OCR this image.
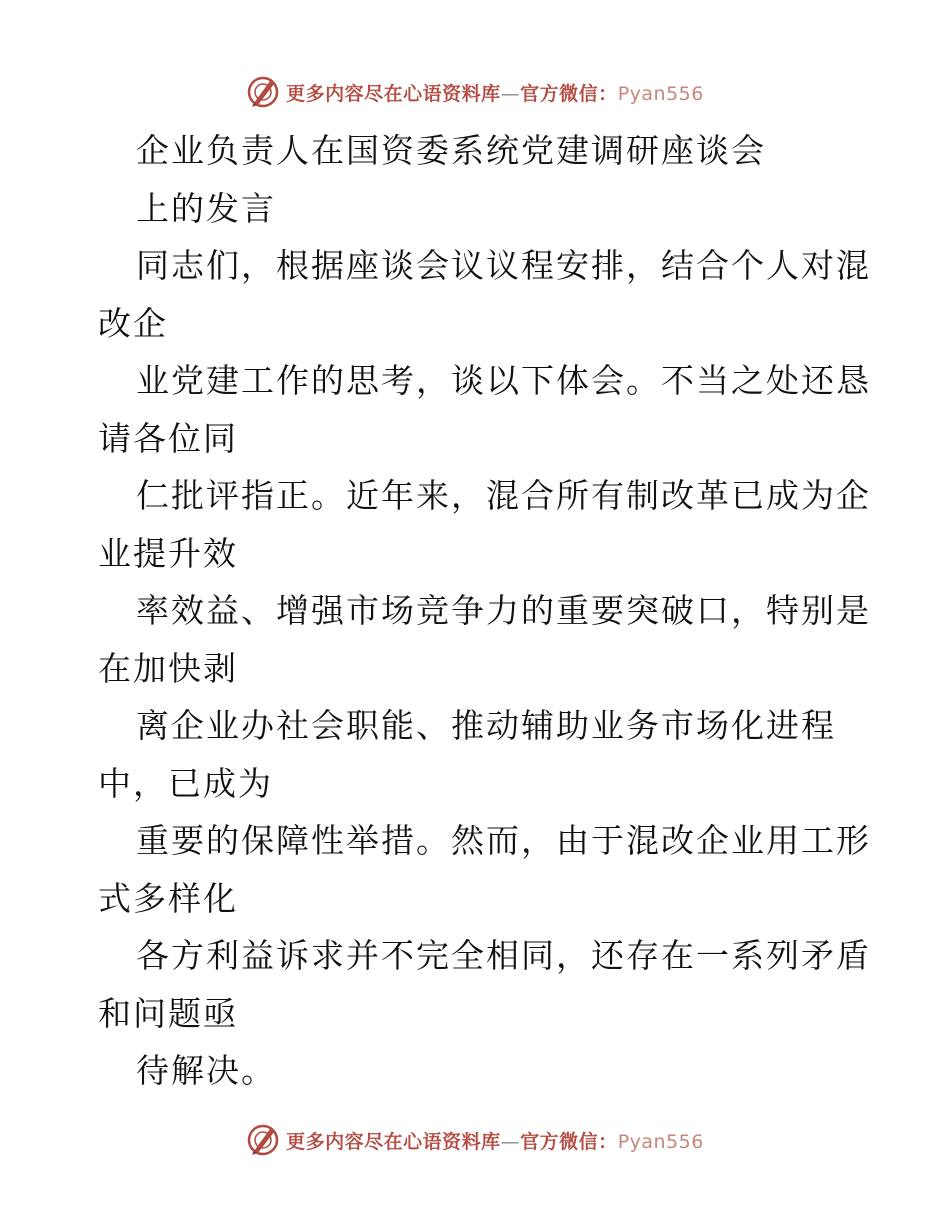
更多内容尽在心语资料库—官方微信：Pyan556
企业负责人在国资委系统党建调研座谈会
上的发言
同志们，根据座谈会议议程安排，结合个人对混
改企
业党建工作的思考，谈以下体会。不当之处还恳
请各位同
仁批评指正。近年来，混合所有制改革已成为企
业提升效
率效益、增强市场竞争力的重要突破口，特别是
在加快剥
离企业办社会职能、推动辅助业务市场化进程
中，已成为
重要的保障性举措。然而，由于混改企业用工形
式多样化
各方利益诉求并不完全相同，还存在一系列矛盾
和问题亟
待解决。
更多内容尽在心语资料库—官方微信：Pyan556
